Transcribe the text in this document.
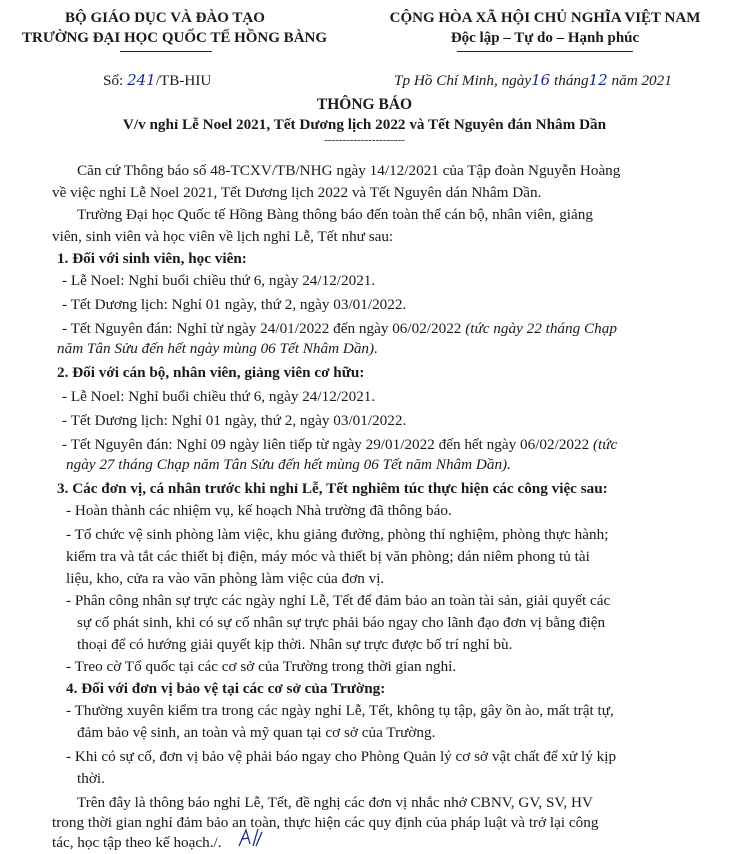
BỘ GIÁO DỤC VÀ ĐÀO TẠO
TRƯỜNG ĐẠI HỌC QUỐC TẾ HỒNG BÀNG
CỘNG HÒA XÃ HỘI CHỦ NGHĨA VIỆT NAM
Độc lập – Tự do – Hạnh phúc
Số: 241/TB-HIU	Tp Hồ Chí Minh, ngày16 tháng12 năm 2021
THÔNG BÁO
V/v nghỉ Lễ Noel 2021, Tết Dương lịch 2022 và Tết Nguyên đán Nhâm Dần
----------------------
Căn cứ Thông báo số 48-TCXV/TB/NHG ngày 14/12/2021 của Tập đoàn Nguyễn Hoàng
về việc nghỉ Lễ Noel 2021, Tết Dương lịch 2022 và Tết Nguyên dán Nhâm Dần.
Trường Đại học Quốc tế Hồng Bàng thông báo đến toàn thể cán bộ, nhân viên, giảng
viên, sinh viên và học viên về lịch nghỉ Lễ, Tết như sau:
1. Đối với sinh viên, học viên:
- Lễ Noel: Nghỉ buổi chiều thứ 6, ngày 24/12/2021.
- Tết Dương lịch: Nghỉ 01 ngày, thứ 2, ngày 03/01/2022.
- Tết Nguyên đán: Nghỉ từ ngày 24/01/2022 đến ngày 06/02/2022 (tức ngày 22 tháng Chạp
năm Tân Sửu đến hết ngày mùng 06 Tết Nhâm Dần).
2. Đối với cán bộ, nhân viên, giảng viên cơ hữu:
- Lễ Noel: Nghỉ buổi chiều thứ 6, ngày 24/12/2021.
- Tết Dương lịch: Nghỉ 01 ngày, thứ 2, ngày 03/01/2022.
- Tết Nguyên đán: Nghỉ 09 ngày liên tiếp từ ngày 29/01/2022 đến hết ngày 06/02/2022 (tức
ngày 27 tháng Chạp năm Tân Sửu đến hết mùng 06 Tết năm Nhâm Dần).
3. Các đơn vị, cá nhân trước khi nghỉ Lễ, Tết nghiêm túc thực hiện các công việc sau:
- Hoàn thành các nhiệm vụ, kế hoạch Nhà trường đã thông báo.
- Tổ chức vệ sinh phòng làm việc, khu giảng đường, phòng thí nghiệm, phòng thực hành;
kiểm tra và tắt các thiết bị điện, máy móc và thiết bị văn phòng; dán niêm phong tủ tài
liệu, kho, cửa ra vào văn phòng làm việc của đơn vị.
- Phân công nhân sự trực các ngày nghỉ Lễ, Tết để đảm bảo an toàn tài sản, giải quyết các
sự cố phát sinh, khi có sự cố nhân sự trực phải báo ngay cho lãnh đạo đơn vị bằng điện
thoại để có hướng giải quyết kịp thời. Nhân sự trực được bố trí nghỉ bù.
- Treo cờ Tổ quốc tại các cơ sở của Trường trong thời gian nghỉ.
4. Đối với đơn vị bảo vệ tại các cơ sở của Trường:
- Thường xuyên kiểm tra trong các ngày nghỉ Lễ, Tết, không tụ tập, gây ồn ào, mất trật tự,
đảm bảo vệ sinh, an toàn và mỹ quan tại cơ sở của Trường.
- Khi có sự cố, đơn vị bảo vệ phải báo ngay cho Phòng Quản lý cơ sở vật chất để xử lý kịp
thời.
Trên đây là thông báo nghỉ Lễ, Tết, đề nghị các đơn vị nhắc nhở CBNV, GV, SV, HV
trong thời gian nghỉ đảm bảo an toàn, thực hiện các quy định của pháp luật và trở lại công
tác, học tập theo kế hoạch./.
